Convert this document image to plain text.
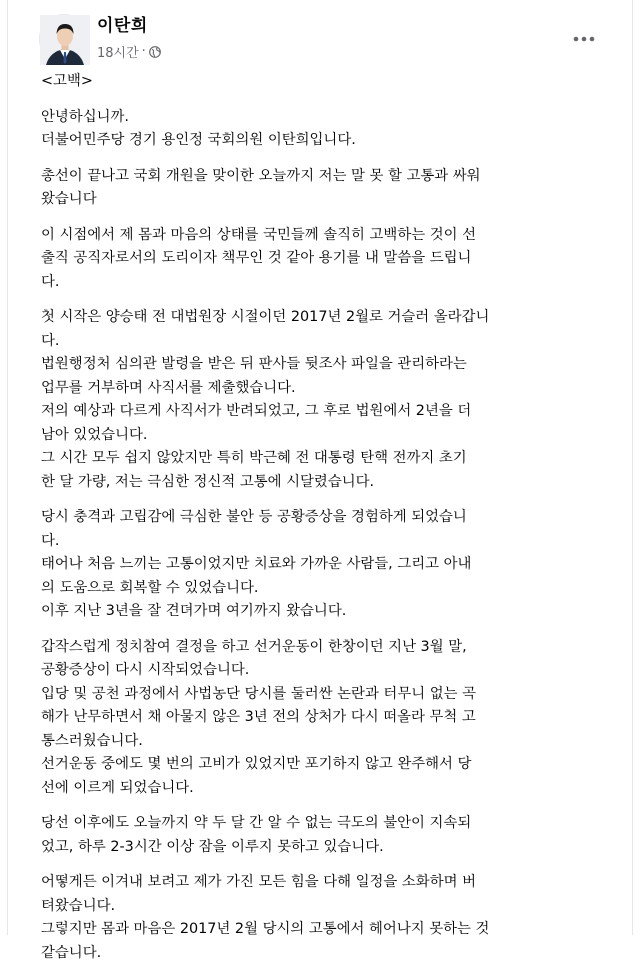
이탄희
18시간 ·

<고백>

안녕하십니까.
더불어민주당 경기 용인정 국회의원 이탄희입니다.

총선이 끝나고 국회 개원을 맞이한 오늘까지 저는 말 못 할 고통과 싸워
왔습니다

이 시점에서 제 몸과 마음의 상태를 국민들께 솔직히 고백하는 것이 선
출직 공직자로서의 도리이자 책무인 것 같아 용기를 내 말씀을 드립니
다.

첫 시작은 양승태 전 대법원장 시절이던 2017년 2월로 거슬러 올라갑니
다.
법원행정처 심의관 발령을 받은 뒤 판사들 뒷조사 파일을 관리하라는
업무를 거부하며 사직서를 제출했습니다.
저의 예상과 다르게 사직서가 반려되었고, 그 후로 법원에서 2년을 더
남아 있었습니다.
그 시간 모두 쉽지 않았지만 특히 박근혜 전 대통령 탄핵 전까지 초기
한 달 가량, 저는 극심한 정신적 고통에 시달렸습니다.

당시 충격과 고립감에 극심한 불안 등 공황증상을 경험하게 되었습니
다.
태어나 처음 느끼는 고통이었지만 치료와 가까운 사람들, 그리고 아내
의 도움으로 회복할 수 있었습니다.
이후 지난 3년을 잘 견뎌가며 여기까지 왔습니다.

갑작스럽게 정치참여 결정을 하고 선거운동이 한창이던 지난 3월 말,
공황증상이 다시 시작되었습니다.
입당 및 공천 과정에서 사법농단 당시를 둘러싼 논란과 터무니 없는 곡
해가 난무하면서 채 아물지 않은 3년 전의 상처가 다시 떠올라 무척 고
통스러웠습니다.
선거운동 중에도 몇 번의 고비가 있었지만 포기하지 않고 완주해서 당
선에 이르게 되었습니다.

당선 이후에도 오늘까지 약 두 달 간 알 수 없는 극도의 불안이 지속되
었고, 하루 2-3시간 이상 잠을 이루지 못하고 있습니다.

어떻게든 이겨내 보려고 제가 가진 모든 힘을 다해 일정을 소화하며 버
텨왔습니다.
그렇지만 몸과 마음은 2017년 2월 당시의 고통에서 헤어나지 못하는 것
같습니다.
